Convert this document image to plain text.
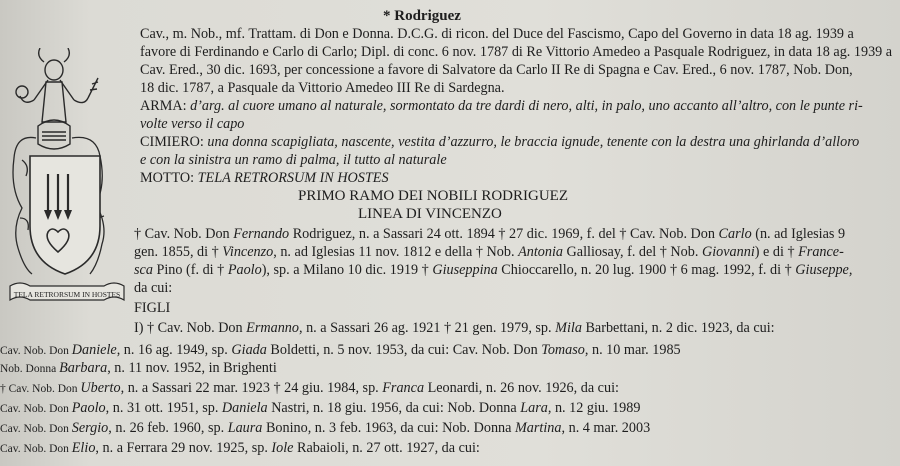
* Rodriguez
TELA RETRORSUM IN HOSTES
Cav., m. Nob., mf. Trattam. di Don e Donna. D.C.G. di ricon. del Duce del Fascismo, Capo del Governo in data 18 ag. 1939 a
favore di Ferdinando e Carlo di Carlo; Dipl. di conc. 6 nov. 1787 di Re Vittorio Amedeo a Pasquale Rodriguez, in data 18 ag. 1939 a
Cav. Ered., 30 dic. 1693, per concessione a favore di Salvatore da Carlo II Re di Spagna e Cav. Ered., 6 nov. 1787, Nob. Don,
18 dic. 1787, a Pasquale da Vittorio Amedeo III Re di Sardegna.
ARMA: d’arg. al cuore umano al naturale, sormontato da tre dardi di nero, alti, in palo, uno accanto all’altro, con le punte ri-
volte verso il capo
CIMIERO: una donna scapigliata, nascente, vestita d’azzurro, le braccia ignude, tenente con la destra una ghirlanda d’alloro
e con la sinistra un ramo di palma, il tutto al naturale
MOTTO: TELA RETRORSUM IN HOSTES
PRIMO RAMO DEI NOBILI RODRIGUEZ
LINEA DI VINCENZO
† Cav. Nob. Don Fernando Rodriguez, n. a Sassari 24 ott. 1894 † 27 dic. 1969, f. del † Cav. Nob. Don Carlo (n. ad Iglesias 9
gen. 1855, di † Vincenzo, n. ad Iglesias 11 nov. 1812 e della † Nob. Antonia Galliosay, f. del † Nob. Giovanni) e di † France-
sca Pino (f. di † Paolo), sp. a Milano 10 dic. 1919 † Giuseppina Chioccarello, n. 20 lug. 1900 † 6 mag. 1992, f. di † Giuseppe,
da cui:
FIGLI
I) † Cav. Nob. Don Ermanno, n. a Sassari 26 ag. 1921 † 21 gen. 1979, sp. Mila Barbettani, n. 2 dic. 1923, da cui:
Cav. Nob. Don Daniele, n. 16 ag. 1949, sp. Giada Boldetti, n. 5 nov. 1953, da cui: Cav. Nob. Don Tomaso, n. 10 mar. 1985
Nob. Donna Barbara, n. 11 nov. 1952, in Brighenti
† Cav. Nob. Don Uberto, n. a Sassari 22 mar. 1923 † 24 giu. 1984, sp. Franca Leonardi, n. 26 nov. 1926, da cui:
Cav. Nob. Don Paolo, n. 31 ott. 1951, sp. Daniela Nastri, n. 18 giu. 1956, da cui: Nob. Donna Lara, n. 12 giu. 1989
Cav. Nob. Don Sergio, n. 26 feb. 1960, sp. Laura Bonino, n. 3 feb. 1963, da cui: Nob. Donna Martina, n. 4 mar. 2003
Cav. Nob. Don Elio, n. a Ferrara 29 nov. 1925, sp. Iole Rabaioli, n. 27 ott. 1927, da cui:
